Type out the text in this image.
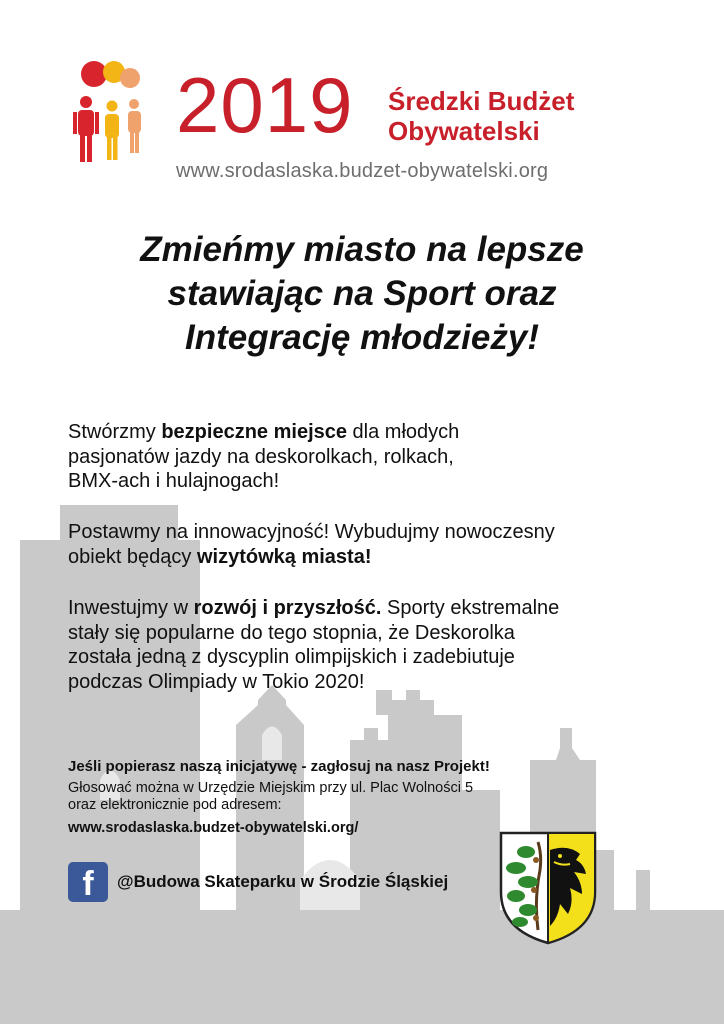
2019 Średzki Budżet
Obywatelski
www.srodaslaska.budzet-obywatelski.org
Zmieńmy miasto na lepsze
stawiając na Sport oraz
Integrację młodzieży!
Stwórzmy bezpieczne miejsce dla młodych
pasjonatów jazdy na deskorolkach, rolkach,
BMX-ach i hulajnogach!
Postawmy na innowacyjność! Wybudujmy nowoczesny
obiekt będący wizytówką miasta!
Inwestujmy w rozwój i przyszłość. Sporty ekstremalne
stały się popularne do tego stopnia, że Deskorolka
została jedną z dyscyplin olimpijskich i zadebiutuje
podczas Olimpiady w Tokio 2020!
Jeśli popierasz naszą inicjatywę - zagłosuj na nasz Projekt!
Głosować można w Urzędzie Miejskim przy ul. Plac Wolności 5
oraz elektronicznie pod adresem:
www.srodaslaska.budzet-obywatelski.org/
f	@Budowa Skateparku w Środzie Śląskiej
